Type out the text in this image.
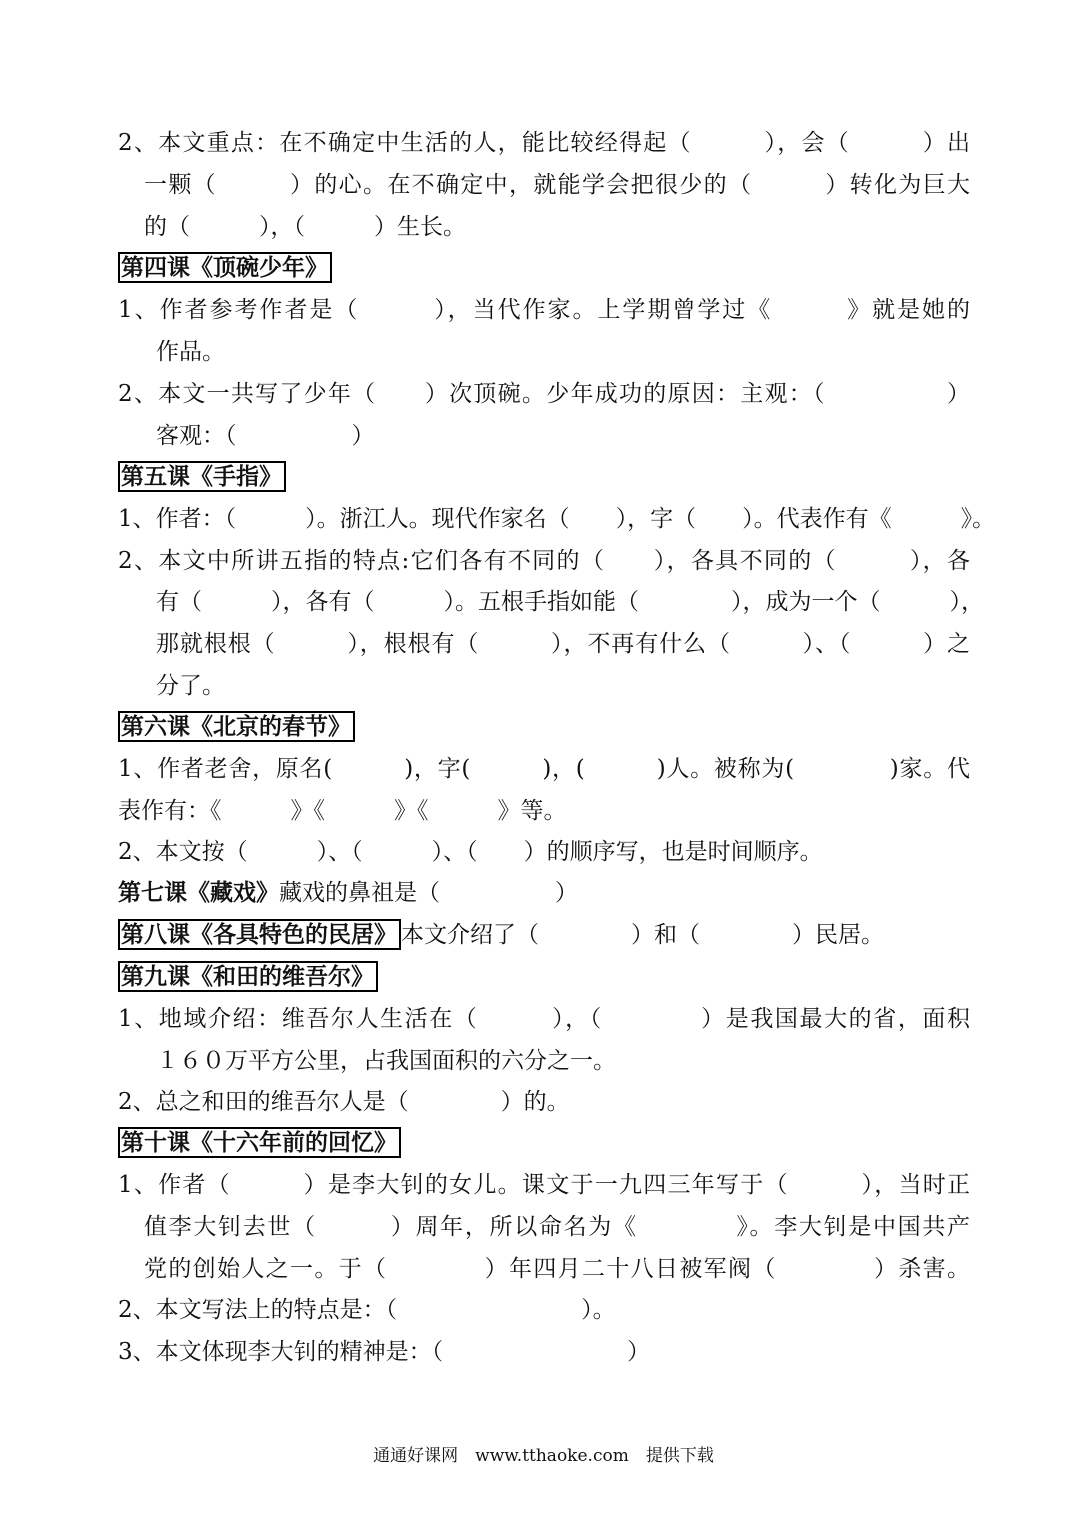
2、本文重点：在不确定中生活的人，能比较经得起（　　　），会（　　　）出
一颗（　　　）的心。在不确定中，就能学会把很少的（　　　）转化为巨大
的（　　　），（　　　）生长。
第四课《顶碗少年》
1、作者参考作者是（　　　），当代作家。上学期曾学过《　　　》就是她的
作品。
2、本文一共写了少年（　　）次顶碗。少年成功的原因：主观：（　　　　　）
客观：（　　　　　）
第五课《手指》
1、作者：（　　　）。浙江人。现代作家名（　　），字（　　）。代表作有《　　　》。
2、本文中所讲五指的特点:它们各有不同的（　　），各具不同的（　　　），各
有（　　　），各有（　　　）。五根手指如能（　　　　），成为一个（　　　），
那就根根（　　　），根根有（　　　），不再有什么（　　　）、（　　　）之
分了。
第六课《北京的春节》
1、作者老舍，原名(　　　)，字(　　　)，(　　　)人。被称为(　　　　)家。代
表作有：《　　　》《　　　》《　　　》等。
2、本文按（　　　）、（　　　）、（　　）的顺序写，也是时间顺序。
第七课《藏戏》藏戏的鼻祖是（　　　　　）
第八课《各具特色的民居》 本文介绍了（　　　　）和（　　　　）民居。
第九课《和田的维吾尔》
1、地域介绍：维吾尔人生活在（　　　），（　　　　）是我国最大的省，面积
１６０万平方公里，占我国面积的六分之一。
2、总之和田的维吾尔人是（　　　　）的。
第十课《十六年前的回忆》
1、作者（　　　）是李大钊的女儿。课文于一九四三年写于（　　　），当时正
值李大钊去世（　　　）周年，所以命名为《　　　　》。李大钊是中国共产
党的创始人之一。于（　　　　）年四月二十八日被军阀（　　　　）杀害。
2、本文写法上的特点是：（　　　　　　　　）。
3、本文体现李大钊的精神是：（　　　　　　　　）
通通好课网　www.tthaoke.com　提供下载
